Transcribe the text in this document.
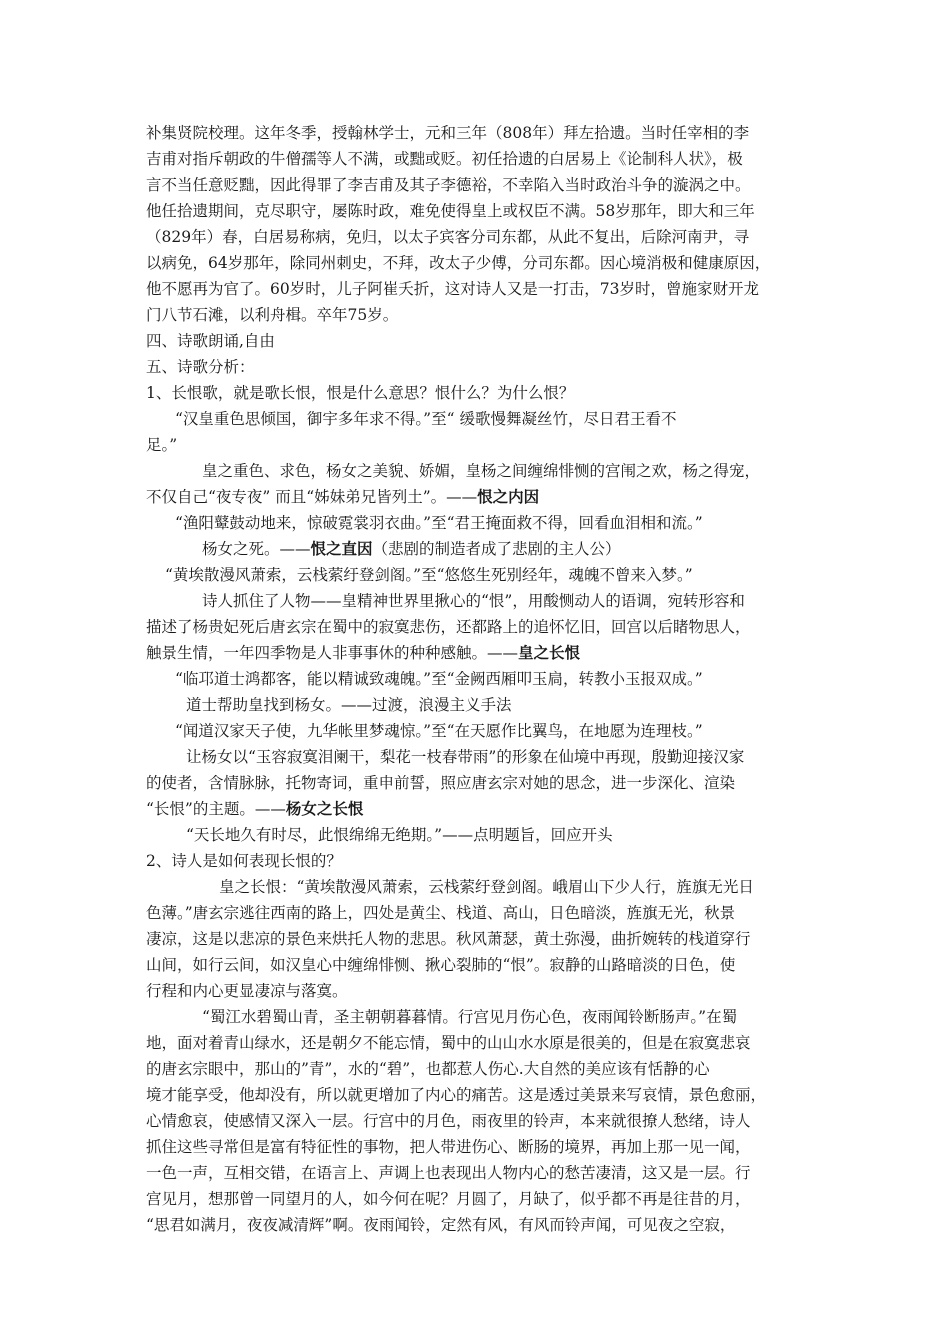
补集贤院校理。这年冬季，授翰林学士，元和三年（808年）拜左拾遗。当时任宰相的李
吉甫对指斥朝政的牛僧孺等人不满，或黜或贬。初任拾遗的白居易上《论制科人状》，极
言不当任意贬黜，因此得罪了李吉甫及其子李德裕，不幸陷入当时政治斗争的漩涡之中。
他任拾遗期间，克尽职守，屡陈时政，难免使得皇上或权臣不满。58岁那年，即大和三年
（829年）春，白居易称病，免归，以太子宾客分司东都，从此不复出，后除河南尹，寻
以病免，64岁那年，除同州刺史，不拜，改太子少傅，分司东都。因心境消极和健康原因，
他不愿再为官了。60岁时，儿子阿崔夭折，这对诗人又是一打击，73岁时，曾施家财开龙
门八节石滩，以利舟楫。卒年75岁。
四、诗歌朗诵,自由
五、诗歌分析：
1、长恨歌，就是歌长恨，恨是什么意思？恨什么？为什么恨？
“汉皇重色思倾国，御宇多年求不得。”至“ 缓歌慢舞凝丝竹，尽日君王看不
足。”
皇之重色、求色，杨女之美貌、娇媚，皇杨之间缠绵悱恻的宫闱之欢，杨之得宠，
不仅自己“夜专夜” 而且“姊妹弟兄皆列土”。——恨之内因
“渔阳鼙鼓动地来，惊破霓裳羽衣曲。”至“君王掩面救不得，回看血泪相和流。”
杨女之死。——恨之直因（悲剧的制造者成了悲剧的主人公）
“黄埃散漫风萧索，云栈萦纡登剑阁。”至“悠悠生死别经年，魂魄不曾来入梦。”
诗人抓住了人物——皇精神世界里揪心的“恨”，用酸恻动人的语调，宛转形容和
描述了杨贵妃死后唐玄宗在蜀中的寂寞悲伤，还都路上的追怀忆旧，回宫以后睹物思人，
触景生情，一年四季物是人非事事休的种种感触。——皇之长恨
“临邛道士鸿都客，能以精诚致魂魄。”至“金阙西厢叩玉扃，转教小玉报双成。”
道士帮助皇找到杨女。——过渡，浪漫主义手法
“闻道汉家天子使，九华帐里梦魂惊。”至“在天愿作比翼鸟，在地愿为连理枝。”
让杨女以“玉容寂寞泪阑干，梨花一枝春带雨”的形象在仙境中再现，殷勤迎接汉家
的使者，含情脉脉，托物寄词，重申前誓，照应唐玄宗对她的思念，进一步深化、渲染
“长恨”的主题。——杨女之长恨
“天长地久有时尽，此恨绵绵无绝期。”——点明题旨，回应开头
2、诗人是如何表现长恨的？
皇之长恨：“黄埃散漫风萧索，云栈萦纡登剑阁。峨眉山下少人行，旌旗无光日
色薄。”唐玄宗逃往西南的路上，四处是黄尘、栈道、高山，日色暗淡，旌旗无光，秋景
凄凉，这是以悲凉的景色来烘托人物的悲思。秋风萧瑟，黄土弥漫，曲折婉转的栈道穿行
山间，如行云间，如汉皇心中缠绵悱恻、揪心裂肺的“恨”。寂静的山路暗淡的日色，使
行程和内心更显凄凉与落寞。
“蜀江水碧蜀山青，圣主朝朝暮暮情。行宫见月伤心色，夜雨闻铃断肠声。”在蜀
地，面对着青山绿水，还是朝夕不能忘情，蜀中的山山水水原是很美的，但是在寂寞悲哀
的唐玄宗眼中，那山的”青”，水的“碧”，也都惹人伤心.大自然的美应该有恬静的心
境才能享受，他却没有，所以就更增加了内心的痛苦。这是透过美景来写哀情，景色愈丽，
心情愈哀，使感情又深入一层。行宫中的月色，雨夜里的铃声，本来就很撩人愁绪，诗人
抓住这些寻常但是富有特征性的事物，把人带进伤心、断肠的境界，再加上那一见一闻，
一色一声，互相交错，在语言上、声调上也表现出人物内心的愁苦凄清，这又是一层。行
宫见月，想那曾一同望月的人，如今何在呢？月圆了，月缺了，似乎都不再是往昔的月，
“思君如满月，夜夜减清辉”啊。夜雨闻铃，定然有风，有风而铃声闻，可见夜之空寂，
